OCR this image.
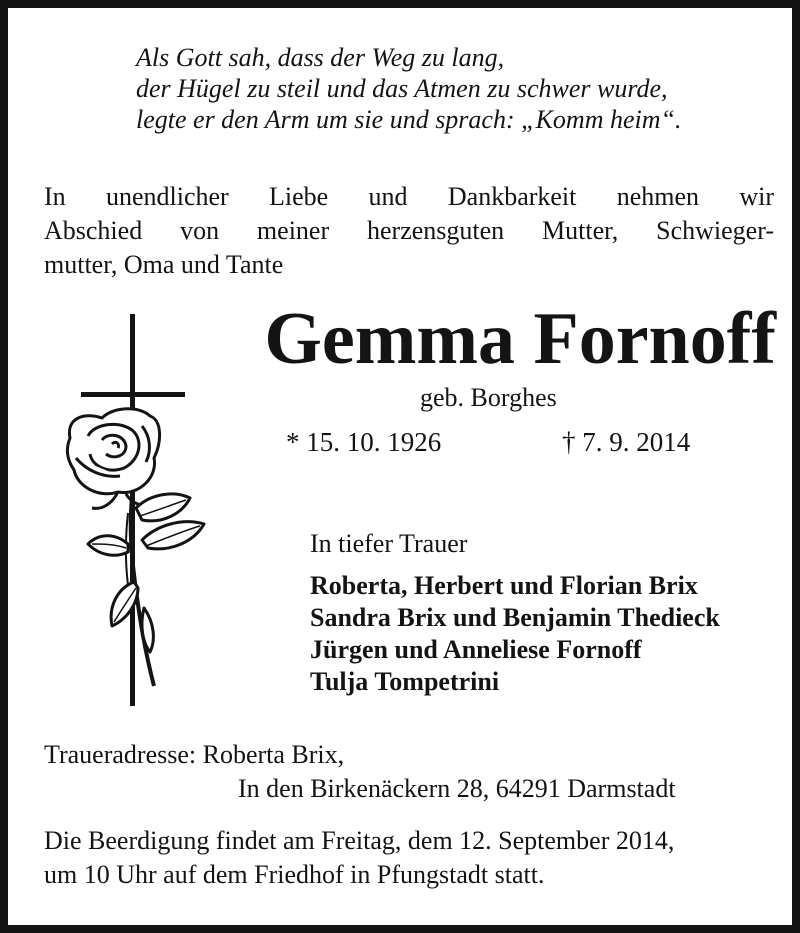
Als Gott sah, dass der Weg zu lang,
der Hügel zu steil und das Atmen zu schwer wurde,
legte er den Arm um sie und sprach: „Komm heim“.
In unendlicher Liebe und Dankbarkeit nehmen wir
Abschied von meiner herzensguten Mutter, Schwieger-
mutter, Oma und Tante
Gemma Fornoff
geb. Borghes
* 15. 10. 1926	† 7. 9. 2014
In tiefer Trauer
Roberta, Herbert und Florian Brix
Sandra Brix und Benjamin Thedieck
Jürgen und Anneliese Fornoff
Tulja Tompetrini
Traueradresse: Roberta Brix,
In den Birkenäckern 28, 64291 Darmstadt
Die Beerdigung findet am Freitag, dem 12. September 2014,
um 10 Uhr auf dem Friedhof in Pfungstadt statt.
